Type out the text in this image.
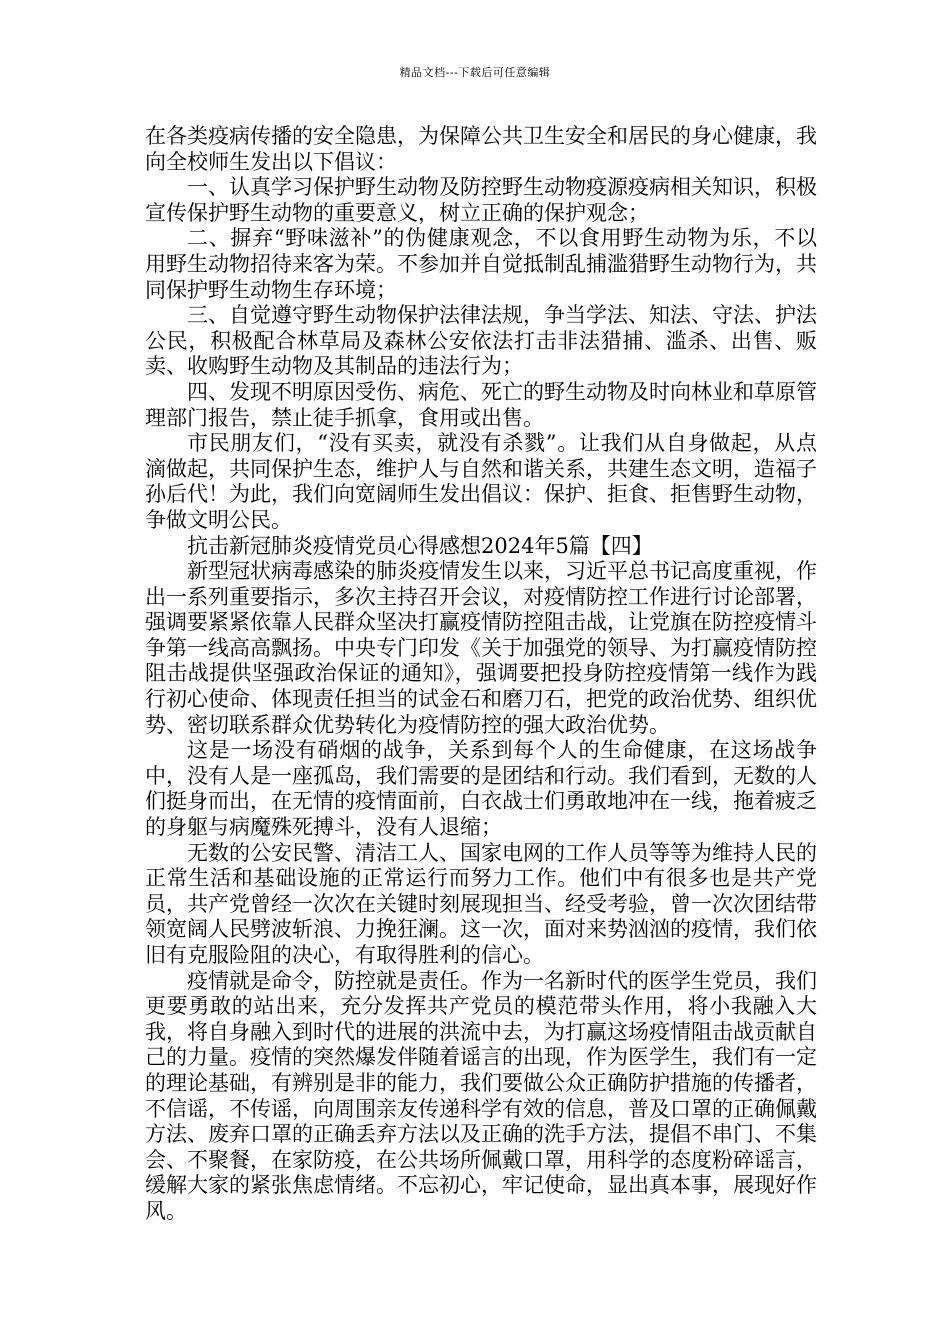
精品文档---下载后可任意编辑

在各类疫病传播的安全隐患，为保障公共卫生安全和居民的身心健康，我向全校师生发出以下倡议：

一、认真学习保护野生动物及防控野生动物疫源疫病相关知识，积极宣传保护野生动物的重要意义，树立正确的保护观念；

二、摒弃“野味滋补”的伪健康观念，不以食用野生动物为乐，不以用野生动物招待来客为荣。不参加并自觉抵制乱捕滥猎野生动物行为，共同保护野生动物生存环境；

三、自觉遵守野生动物保护法律法规，争当学法、知法、守法、护法公民，积极配合林草局及森林公安依法打击非法猎捕、滥杀、出售、贩卖、收购野生动物及其制品的违法行为；

四、发现不明原因受伤、病危、死亡的野生动物及时向林业和草原管理部门报告，禁止徒手抓拿，食用或出售。

市民朋友们，“没有买卖，就没有杀戮”。让我们从自身做起，从点滴做起，共同保护生态，维护人与自然和谐关系，共建生态文明，造福子孙后代！为此，我们向宽阔师生发出倡议：保护、拒食、拒售野生动物，争做文明公民。

抗击新冠肺炎疫情党员心得感想2024年5篇【四】

新型冠状病毒感染的肺炎疫情发生以来，习近平总书记高度重视，作出一系列重要指示，多次主持召开会议，对疫情防控工作进行讨论部署，强调要紧紧依靠人民群众坚决打赢疫情防控阻击战，让党旗在防控疫情斗争第一线高高飘扬。中央专门印发《关于加强党的领导、为打赢疫情防控阻击战提供坚强政治保证的通知》，强调要把投身防控疫情第一线作为践行初心使命、体现责任担当的试金石和磨刀石，把党的政治优势、组织优势、密切联系群众优势转化为疫情防控的强大政治优势。

这是一场没有硝烟的战争，关系到每个人的生命健康，在这场战争中，没有人是一座孤岛，我们需要的是团结和行动。我们看到，无数的人们挺身而出，在无情的疫情面前，白衣战士们勇敢地冲在一线，拖着疲乏的身躯与病魔殊死搏斗，没有人退缩；

无数的公安民警、清洁工人、国家电网的工作人员等等为维持人民的正常生活和基础设施的正常运行而努力工作。他们中有很多也是共产党员，共产党曾经一次次在关键时刻展现担当、经受考验，曾一次次团结带领宽阔人民劈波斩浪、力挽狂澜。这一次，面对来势汹汹的疫情，我们依旧有克服险阻的决心，有取得胜利的信心。

疫情就是命令，防控就是责任。作为一名新时代的医学生党员，我们更要勇敢的站出来，充分发挥共产党员的模范带头作用，将小我融入大我，将自身融入到时代的进展的洪流中去，为打赢这场疫情阻击战贡献自己的力量。疫情的突然爆发伴随着谣言的出现，作为医学生，我们有一定的理论基础，有辨别是非的能力，我们要做公众正确防护措施的传播者，不信谣，不传谣，向周围亲友传递科学有效的信息，普及口罩的正确佩戴方法、废弃口罩的正确丢弃方法以及正确的洗手方法，提倡不串门、不集会、不聚餐，在家防疫，在公共场所佩戴口罩，用科学的态度粉碎谣言，缓解大家的紧张焦虑情绪。不忘初心，牢记使命，显出真本事，展现好作风。
